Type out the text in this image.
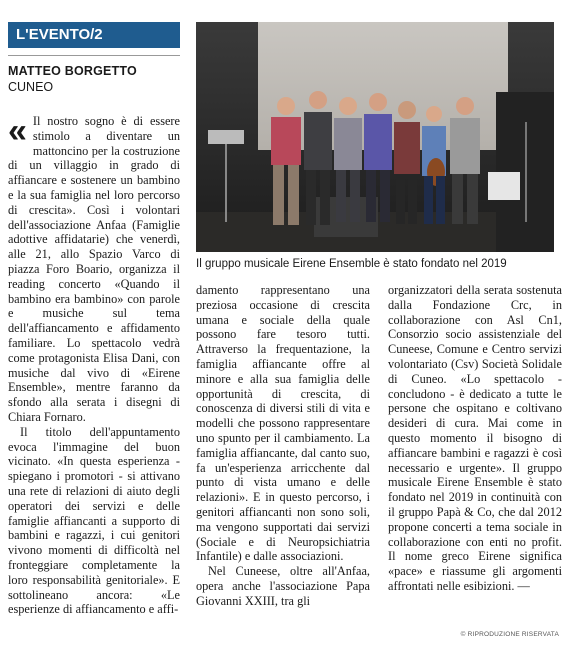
L'EVENTO/2
MATTEO BORGETTO
CUNEO
« Il nostro sogno è di essere stimolo a diventare un mattoncino per la costruzione di un villaggio in grado di affiancare e sostenere un bambino e la sua famiglia nel loro percorso di crescita». Così i volontari dell'associazione Anfaa (Famiglie adottive affidatarie) che venerdì, alle 21, allo Spazio Varco di piazza Foro Boario, organizza il reading concerto «Quando il bambino era bambino» con parole e musiche sul tema dell'affiancamento e affidamento familiare. Lo spettacolo vedrà come protagonista Elisa Dani, con musiche dal vivo di «Eirene Ensemble», mentre faranno da sfondo alla serata i disegni di Chiara Fornaro.

Il titolo dell'appuntamento evoca l'immagine del buon vicinato. «In questa esperienza - spiegano i promotori - si attivano una rete di relazioni di aiuto degli operatori dei servizi e delle famiglie affiancanti a supporto di bambini e ragazzi, i cui genitori vivono momenti di difficoltà nel fronteggiare completamente la loro responsabilità genitoriale». E sottolineano ancora: «Le esperienze di affiancamento e affi-

Il gruppo musicale Eirene Ensemble è stato fondato nel 2019

damento rappresentano una preziosa occasione di crescita umana e sociale della quale possono fare tesoro tutti. Attraverso la frequentazione, la famiglia affiancante offre al minore e alla sua famiglia delle opportunità di crescita, di conoscenza di diversi stili di vita e modelli che possono rappresentare uno spunto per il cambiamento. La famiglia affiancante, dal canto suo, fa un'esperienza arricchente dal punto di vista umano e delle relazioni». E in questo percorso, i genitori affiancanti non sono soli, ma vengono supportati dai servizi (Sociale e di Neuropsichiatria Infantile) e dalle associazioni.

Nel Cuneese, oltre all'Anfaa, opera anche l'associazione Papa Giovanni XXIII, tra gli

organizzatori della serata sostenuta dalla Fondazione Crc, in collaborazione con Asl Cn1, Consorzio socio assistenziale del Cuneese, Comune e Centro servizi volontariato (Csv) Società Solidale di Cuneo. «Lo spettacolo - concludono - è dedicato a tutte le persone che ospitano e coltivano desideri di cura. Mai come in questo momento il bisogno di affiancare bambini e ragazzi è così necessario e urgente». Il gruppo musicale Eirene Ensemble è stato fondato nel 2019 in continuità con il gruppo Papà & Co, che dal 2012 propone concerti a tema sociale in collaborazione con enti no profit. Il nome greco Eirene significa «pace» e riassume gli argomenti affrontati nelle esibizioni. —

© RIPRODUZIONE RISERVATA
